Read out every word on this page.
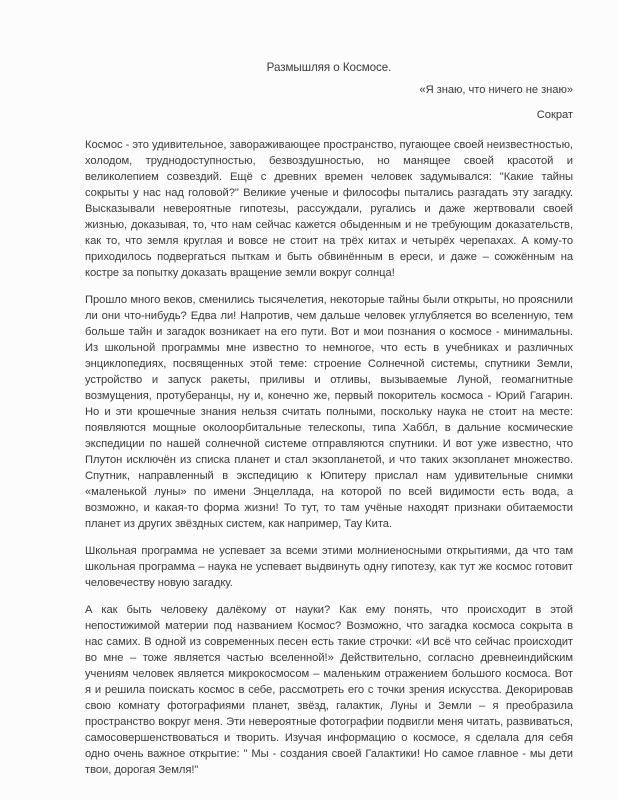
Размышляя о Космосе.
«Я знаю, что ничего не знаю»
Сократ

Космос - это удивительное, завораживающее пространство, пугающее своей неизвестностью, холодом, труднодоступностью, безвоздушностью, но манящее своей красотой и великолепием созвездий. Ещё с древних времен человек задумывался: "Какие тайны сокрыты у нас над головой?" Великие ученые и философы пытались разгадать эту загадку. Высказывали невероятные гипотезы, рассуждали, ругались и даже жертвовали своей жизнью, доказывая, то, что нам сейчас кажется обыденным и не требующим доказательств, как то, что земля круглая и вовсе не стоит на трёх китах и четырёх черепахах. А кому-то приходилось подвергаться пыткам и быть обвинённым в ереси, и даже – сожжённым на костре за попытку доказать вращение земли вокруг солнца!

Прошло много веков, сменились тысячелетия, некоторые тайны были открыты, но прояснили ли они что-нибудь? Едва ли! Напротив, чем дальше человек углубляется во вселенную, тем больше тайн и загадок возникает на его пути. Вот и мои познания о космосе - минимальны. Из школьной программы мне известно то немногое, что есть в учебниках и различных энциклопедиях, посвященных этой теме: строение Солнечной системы, спутники Земли, устройство и запуск ракеты, приливы и отливы, вызываемые Луной, геомагнитные возмущения, протуберанцы, ну и, конечно же, первый покоритель космоса - Юрий Гагарин. Но и эти крошечные знания нельзя считать полными, поскольку наука не стоит на месте: появляются мощные околоорбитальные телескопы, типа Хаббл, в дальние космические экспедиции по нашей солнечной системе отправляются спутники. И вот уже известно, что Плутон исключён из списка планет и стал экзопланетой, и что таких экзопланет множество. Спутник, направленный в экспедицию к Юпитеру прислал нам удивительные снимки «маленькой луны» по имени Энцеллада, на которой по всей видимости есть вода, а возможно, и какая-то форма жизни! То тут, то там учёные находят признаки обитаемости планет из других звёздных систем, как например, Тау Кита.

Школьная программа не успевает за всеми этими молниеносными открытиями, да что там школьная программа – наука не успевает выдвинуть одну гипотезу, как тут же космос готовит человечеству новую загадку.

А как быть человеку далёкому от науки? Как ему понять, что происходит в этой непостижимой материи под названием Космос? Возможно, что загадка космоса сокрыта в нас самих. В одной из современных песен есть такие строчки: «И всё что сейчас происходит во мне – тоже является частью вселенной!» Действительно, согласно древнеиндийским учениям человек является микрокосмосом – маленьким отражением большого космоса. Вот я и решила поискать космос в себе, рассмотреть его с точки зрения искусства. Декорировав свою комнату фотографиями планет, звёзд, галактик, Луны и Земли – я преобразила пространство вокруг меня. Эти невероятные фотографии подвигли меня читать, развиваться, самосовершенствоваться и творить. Изучая информацию о космосе, я сделала для себя одно очень важное открытие: " Мы - создания своей Галактики! Но самое главное - мы дети твои, дорогая Земля!"
